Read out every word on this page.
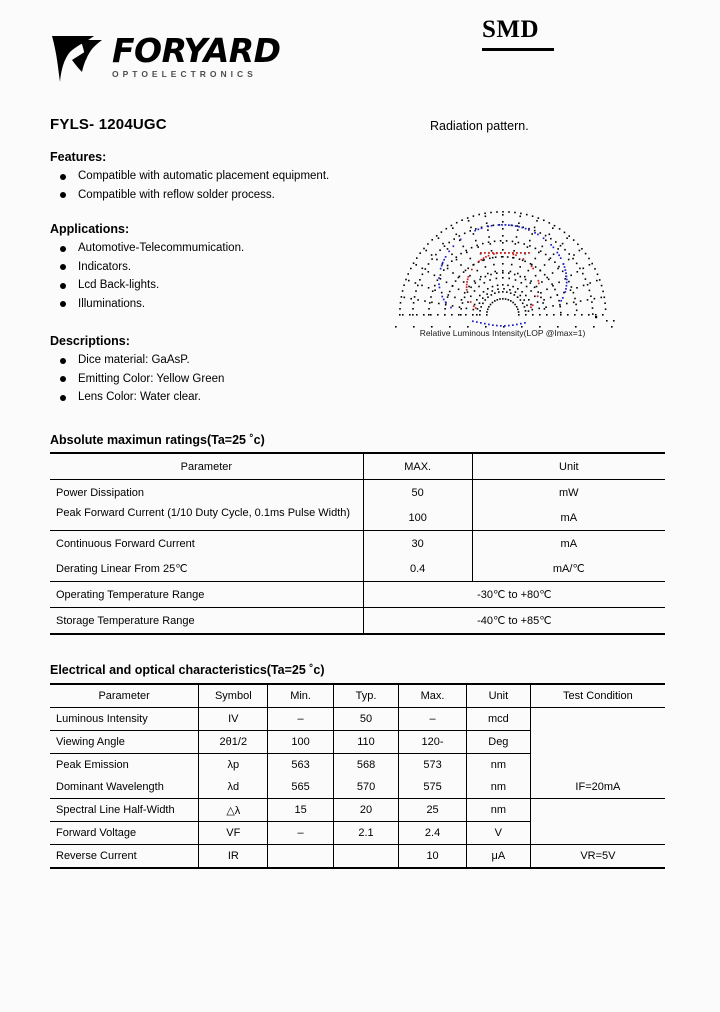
FORYARD
OPTOELECTRONICS
SMD
FYLS- 1204UGC	Radiation pattern.
Features:
Compatible with automatic placement equipment.
Compatible with reflow solder process.
Applications:
Automotive-Telecommumication.
Indicators.
Lcd Back-lights.
Illuminations.
Descriptions:
Dice material: GaAsP.
Emitting Color: Yellow Green
Lens Color: Water clear.
Relative Luminous Intensity(LOP @Imax=1)
Absolute maximun ratings(Ta=25 ˚c)
Parameter	MAX.	Unit
Power Dissipation	50	mW

Peak Forward Current (1/10 Duty Cycle, 0.1ms Pulse Width)	100	mA
Continuous Forward Current	30	mA
Derating Linear From 25℃	0.4	mA/℃
Operating Temperature Range	-30℃ to +80℃	
Storage Temperature Range	-40℃ to +85℃	
Electrical and optical characteristics(Ta=25 ˚c)
Parameter	Symbol	Min.	Typ.	Max.	Unit	Test Condition
Luminous Intensity	IV	–	50	–	mcd	
Viewing Angle	2θ1/2	100	110	120-	Deg	
Peak Emission	λp	563	568	573	nm	
Dominant Wavelength	λd	565	570	575	nm	IF=20mA
Spectral Line Half-Width	△λ	15	20	25	nm	
Forward Voltage	VF	–	2.1	2.4	V	
Reverse Current	IR			10	μA	VR=5V
